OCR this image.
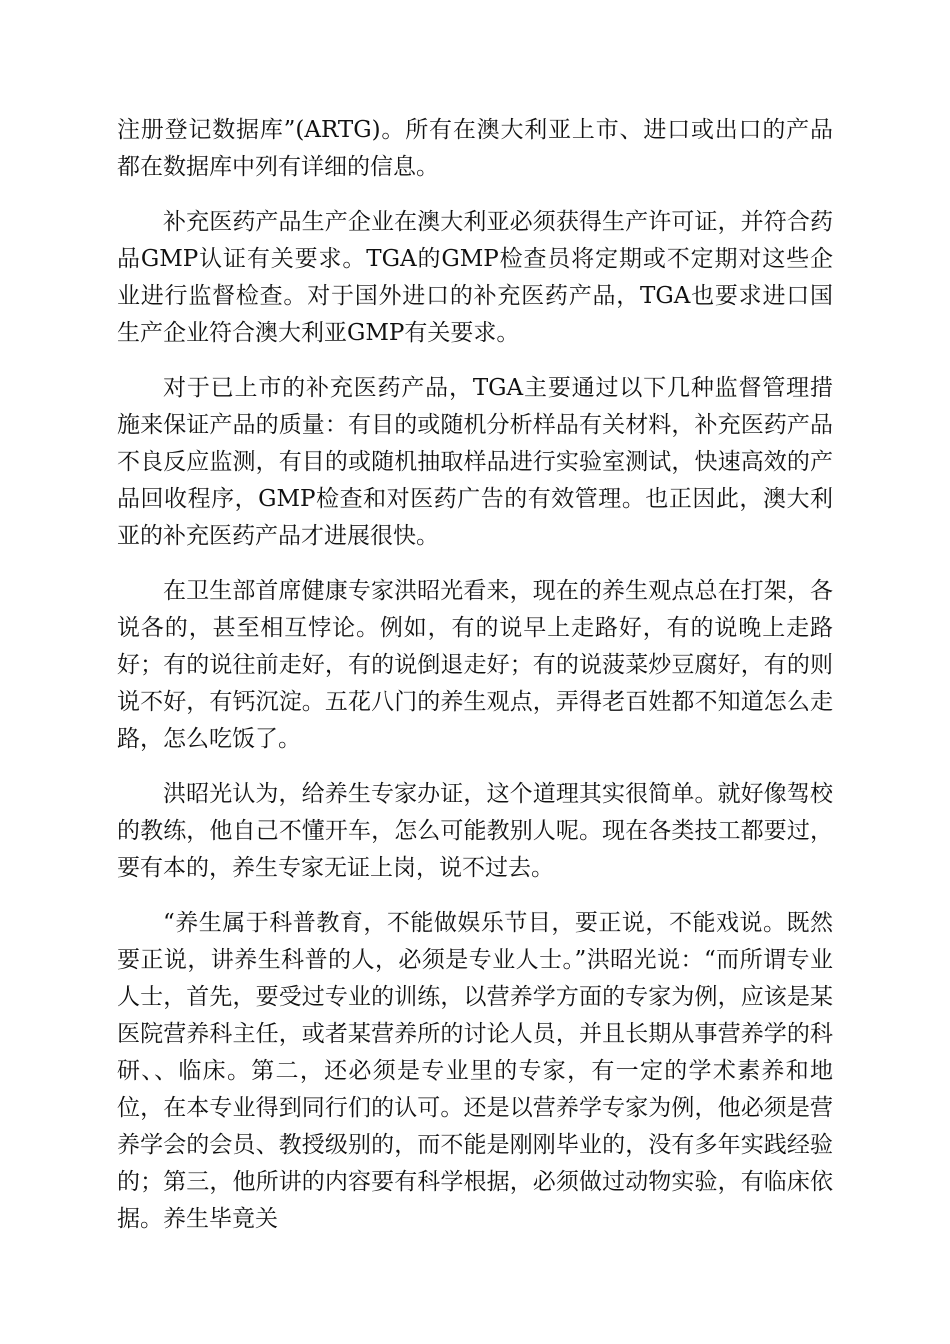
注册登记数据库”(ARTG)。所有在澳大利亚上市、进口或出口的产品都在数据库中列有详细的信息。

补充医药产品生产企业在澳大利亚必须获得生产许可证，并符合药品GMP认证有关要求。TGA的GMP检查员将定期或不定期对这些企业进行监督检查。对于国外进口的补充医药产品，TGA也要求进口国生产企业符合澳大利亚GMP有关要求。

对于已上市的补充医药产品，TGA主要通过以下几种监督管理措施来保证产品的质量：有目的或随机分析样品有关材料，补充医药产品不良反应监测，有目的或随机抽取样品进行实验室测试，快速高效的产品回收程序，GMP检查和对医药广告的有效管理。也正因此，澳大利亚的补充医药产品才进展很快。

在卫生部首席健康专家洪昭光看来，现在的养生观点总在打架，各说各的，甚至相互悖论。例如，有的说早上走路好，有的说晚上走路好；有的说往前走好，有的说倒退走好；有的说菠菜炒豆腐好，有的则说不好，有钙沉淀。五花八门的养生观点，弄得老百姓都不知道怎么走路，怎么吃饭了。

洪昭光认为，给养生专家办证，这个道理其实很简单。就好像驾校的教练，他自己不懂开车，怎么可能教别人呢。现在各类技工都要过，要有本的，养生专家无证上岗，说不过去。

“养生属于科普教育，不能做娱乐节目，要正说，不能戏说。既然要正说，讲养生科普的人，必须是专业人士。”洪昭光说：“而所谓专业人士，首先，要受过专业的训练，以营养学方面的专家为例，应该是某医院营养科主任，或者某营养所的讨论人员，并且长期从事营养学的科研、、临床。第二，还必须是专业里的专家，有一定的学术素养和地位，在本专业得到同行们的认可。还是以营养学专家为例，他必须是营养学会的会员、教授级别的，而不能是刚刚毕业的，没有多年实践经验的；第三，他所讲的内容要有科学根据，必须做过动物实验，有临床依据。养生毕竟关
